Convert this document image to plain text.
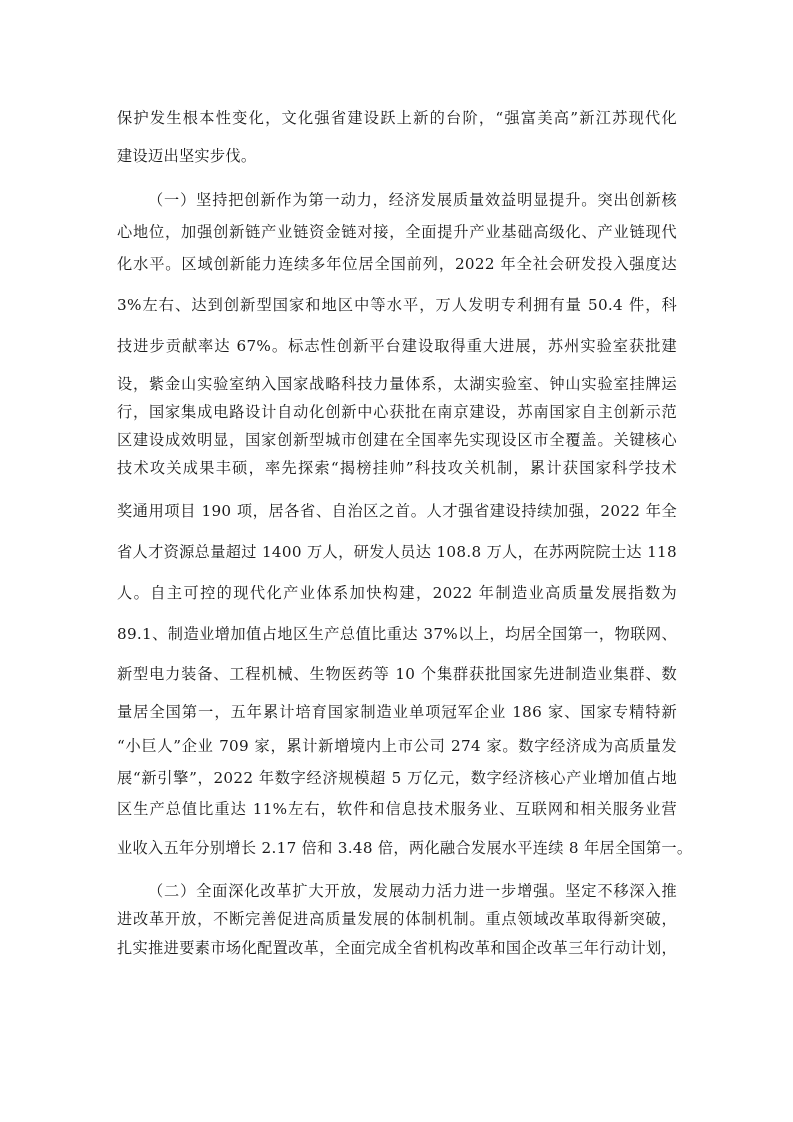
保护发生根本性变化，文化强省建设跃上新的台阶，“强富美高”新江苏现代化
建设迈出坚实步伐。
（一）坚持把创新作为第一动力，经济发展质量效益明显提升。突出创新核
心地位，加强创新链产业链资金链对接，全面提升产业基础高级化、产业链现代
化水平。区域创新能力连续多年位居全国前列，2022 年全社会研发投入强度达
3%左右、达到创新型国家和地区中等水平，万人发明专利拥有量 50.4 件，科
技进步贡献率达 67%。标志性创新平台建设取得重大进展，苏州实验室获批建
设，紫金山实验室纳入国家战略科技力量体系，太湖实验室、钟山实验室挂牌运
行，国家集成电路设计自动化创新中心获批在南京建设，苏南国家自主创新示范
区建设成效明显，国家创新型城市创建在全国率先实现设区市全覆盖。关键核心
技术攻关成果丰硕，率先探索“揭榜挂帅”科技攻关机制，累计获国家科学技术
奖通用项目 190 项，居各省、自治区之首。人才强省建设持续加强，2022 年全
省人才资源总量超过 1400 万人，研发人员达 108.8 万人，在苏两院院士达 118
人。自主可控的现代化产业体系加快构建，2022 年制造业高质量发展指数为
89.1、制造业增加值占地区生产总值比重达 37%以上，均居全国第一，物联网、
新型电力装备、工程机械、生物医药等 10 个集群获批国家先进制造业集群、数
量居全国第一，五年累计培育国家制造业单项冠军企业 186 家、国家专精特新
“小巨人”企业 709 家，累计新增境内上市公司 274 家。数字经济成为高质量发
展“新引擎”，2022 年数字经济规模超 5 万亿元，数字经济核心产业增加值占地
区生产总值比重达 11%左右，软件和信息技术服务业、互联网和相关服务业营
业收入五年分别增长 2.17 倍和 3.48 倍，两化融合发展水平连续 8 年居全国第一。
（二）全面深化改革扩大开放，发展动力活力进一步增强。坚定不移深入推
进改革开放，不断完善促进高质量发展的体制机制。重点领域改革取得新突破，
扎实推进要素市场化配置改革，全面完成全省机构改革和国企改革三年行动计划，
